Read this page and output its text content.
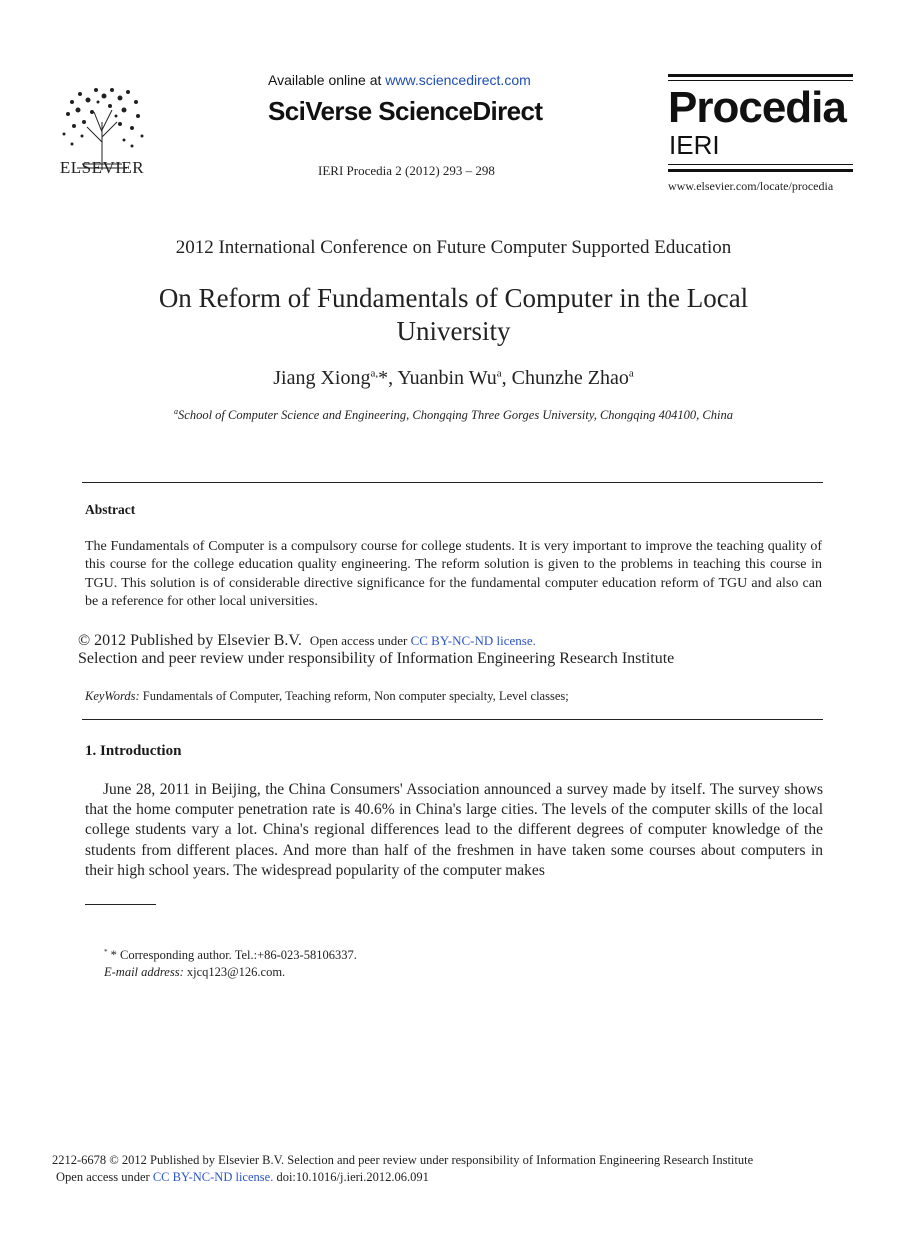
ELSEVIER
Available online at www.sciencedirect.com
SciVerse ScienceDirect
IERI Procedia 2 (2012) 293 – 298
Procedia
IERI
www.elsevier.com/locate/procedia
2012 International Conference on Future Computer Supported Education
On Reform of Fundamentals of Computer in the Local University
Jiang Xiong$^{a,}$*, Yuanbin Wu$^a$, Chunzhe Zhao$^a$
$^a$School of Computer Science and Engineering, Chongqing Three Gorges University, Chongqing 404100, China
Abstract
The Fundamentals of Computer is a compulsory course for college students. It is very important to improve the teaching quality of this course for the college education quality engineering. The reform solution is given to the problems in teaching this course in TGU. This solution is of considerable directive significance for the fundamental computer education reform of TGU and also can be a reference for other local universities.
© 2012 Published by Elsevier B.V. Open access under CC BY-NC-ND license.
Selection and peer review under responsibility of Information Engineering Research Institute
KeyWords: Fundamentals of Computer, Teaching reform, Non computer specialty, Level classes;
1. Introduction

June 28, 2011 in Beijing, the China Consumers' Association announced a survey made by itself. The survey shows that the home computer penetration rate is 40.6% in China's large cities. The levels of the computer skills of the local college students vary a lot. China's regional differences lead to the different degrees of computer knowledge of the students from different places. And more than half of the freshmen in have taken some courses about computers in their high school years. The widespread popularity of the computer makes

* * Corresponding author. Tel.:+86-023-58106337.
E-mail address: xjcq123@126.com.
2212-6678 © 2012 Published by Elsevier B.V. Selection and peer review under responsibility of Information Engineering Research Institute
Open access under CC BY-NC-ND license. doi:10.1016/j.ieri.2012.06.091
